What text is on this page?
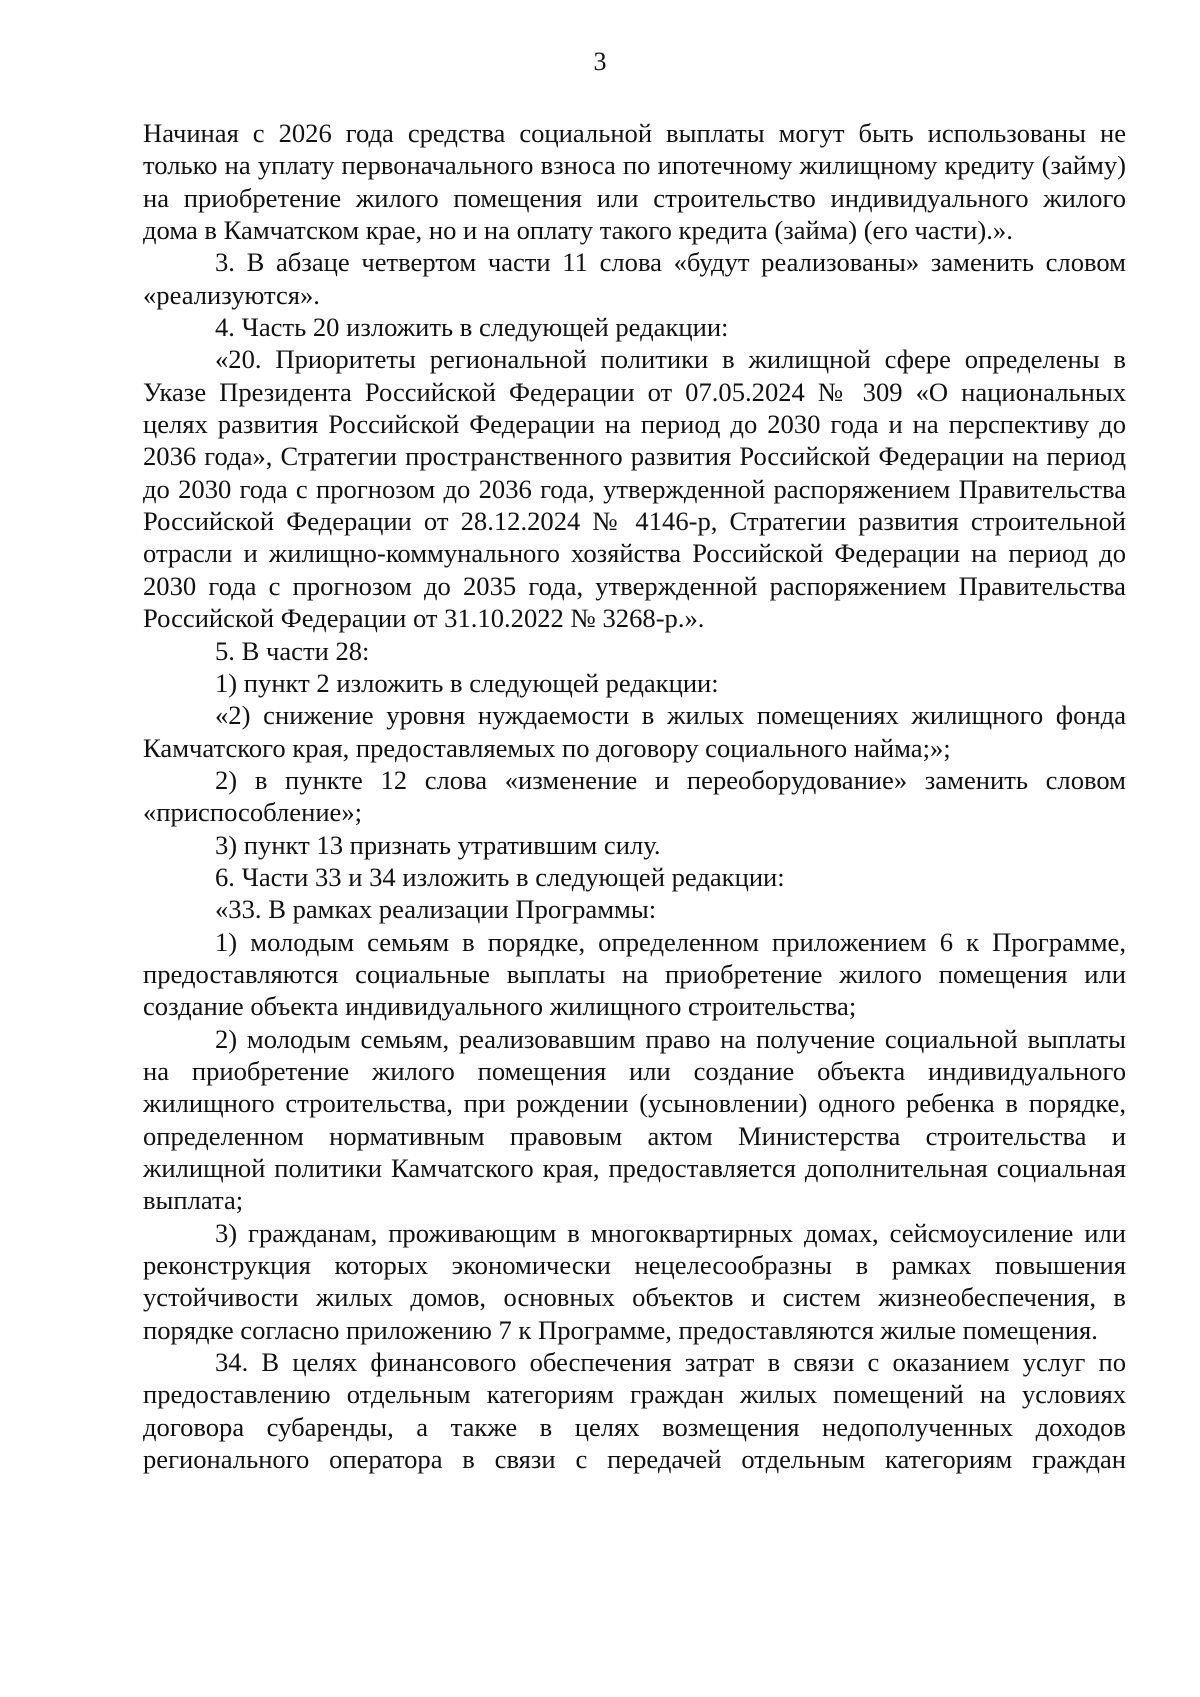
3

Начиная с 2026 года средства социальной выплаты могут быть использованы не только на уплату первоначального взноса по ипотечному жилищному кредиту (займу) на приобретение жилого помещения или строительство индивидуального жилого дома в Камчатском крае, но и на оплату такого кредита (займа) (его части).».

3. В абзаце четвертом части 11 слова «будут реализованы» заменить словом «реализуются».

4. Часть 20 изложить в следующей редакции:

«20. Приоритеты региональной политики в жилищной сфере определены в Указе Президента Российской Федерации от 07.05.2024 № 309 «О национальных целях развития Российской Федерации на период до 2030 года и на перспективу до 2036 года», Стратегии пространственного развития Российской Федерации на период до 2030 года с прогнозом до 2036 года, утвержденной распоряжением Правительства Российской Федерации от 28.12.2024 № 4146-р, Стратегии развития строительной отрасли и жилищно-коммунального хозяйства Российской Федерации на период до 2030 года с прогнозом до 2035 года, утвержденной распоряжением Правительства Российской Федерации от 31.10.2022 № 3268-р.».

5. В части 28:

1) пункт 2 изложить в следующей редакции:

«2) снижение уровня нуждаемости в жилых помещениях жилищного фонда Камчатского края, предоставляемых по договору социального найма;»;

2) в пункте 12 слова «изменение и переоборудование» заменить словом «приспособление»;

3) пункт 13 признать утратившим силу.

6. Части 33 и 34 изложить в следующей редакции:

«33. В рамках реализации Программы:

1) молодым семьям в порядке, определенном приложением 6 к Программе, предоставляются социальные выплаты на приобретение жилого помещения или создание объекта индивидуального жилищного строительства;

2) молодым семьям, реализовавшим право на получение социальной выплаты на приобретение жилого помещения или создание объекта индивидуального жилищного строительства, при рождении (усыновлении) одного ребенка в порядке, определенном нормативным правовым актом Министерства строительства и жилищной политики Камчатского края, предоставляется дополнительная социальная выплата;

3) гражданам, проживающим в многоквартирных домах, сейсмоусиление или реконструкция которых экономически нецелесообразны в рамках повышения устойчивости жилых домов, основных объектов и систем жизнеобеспечения, в порядке согласно приложению 7 к Программе, предоставляются жилые помещения.

34. В целях финансового обеспечения затрат в связи с оказанием услуг по предоставлению отдельным категориям граждан жилых помещений на условиях договора субаренды, а также в целях возмещения недополученных доходов регионального оператора в связи с передачей отдельным категориям граждан
